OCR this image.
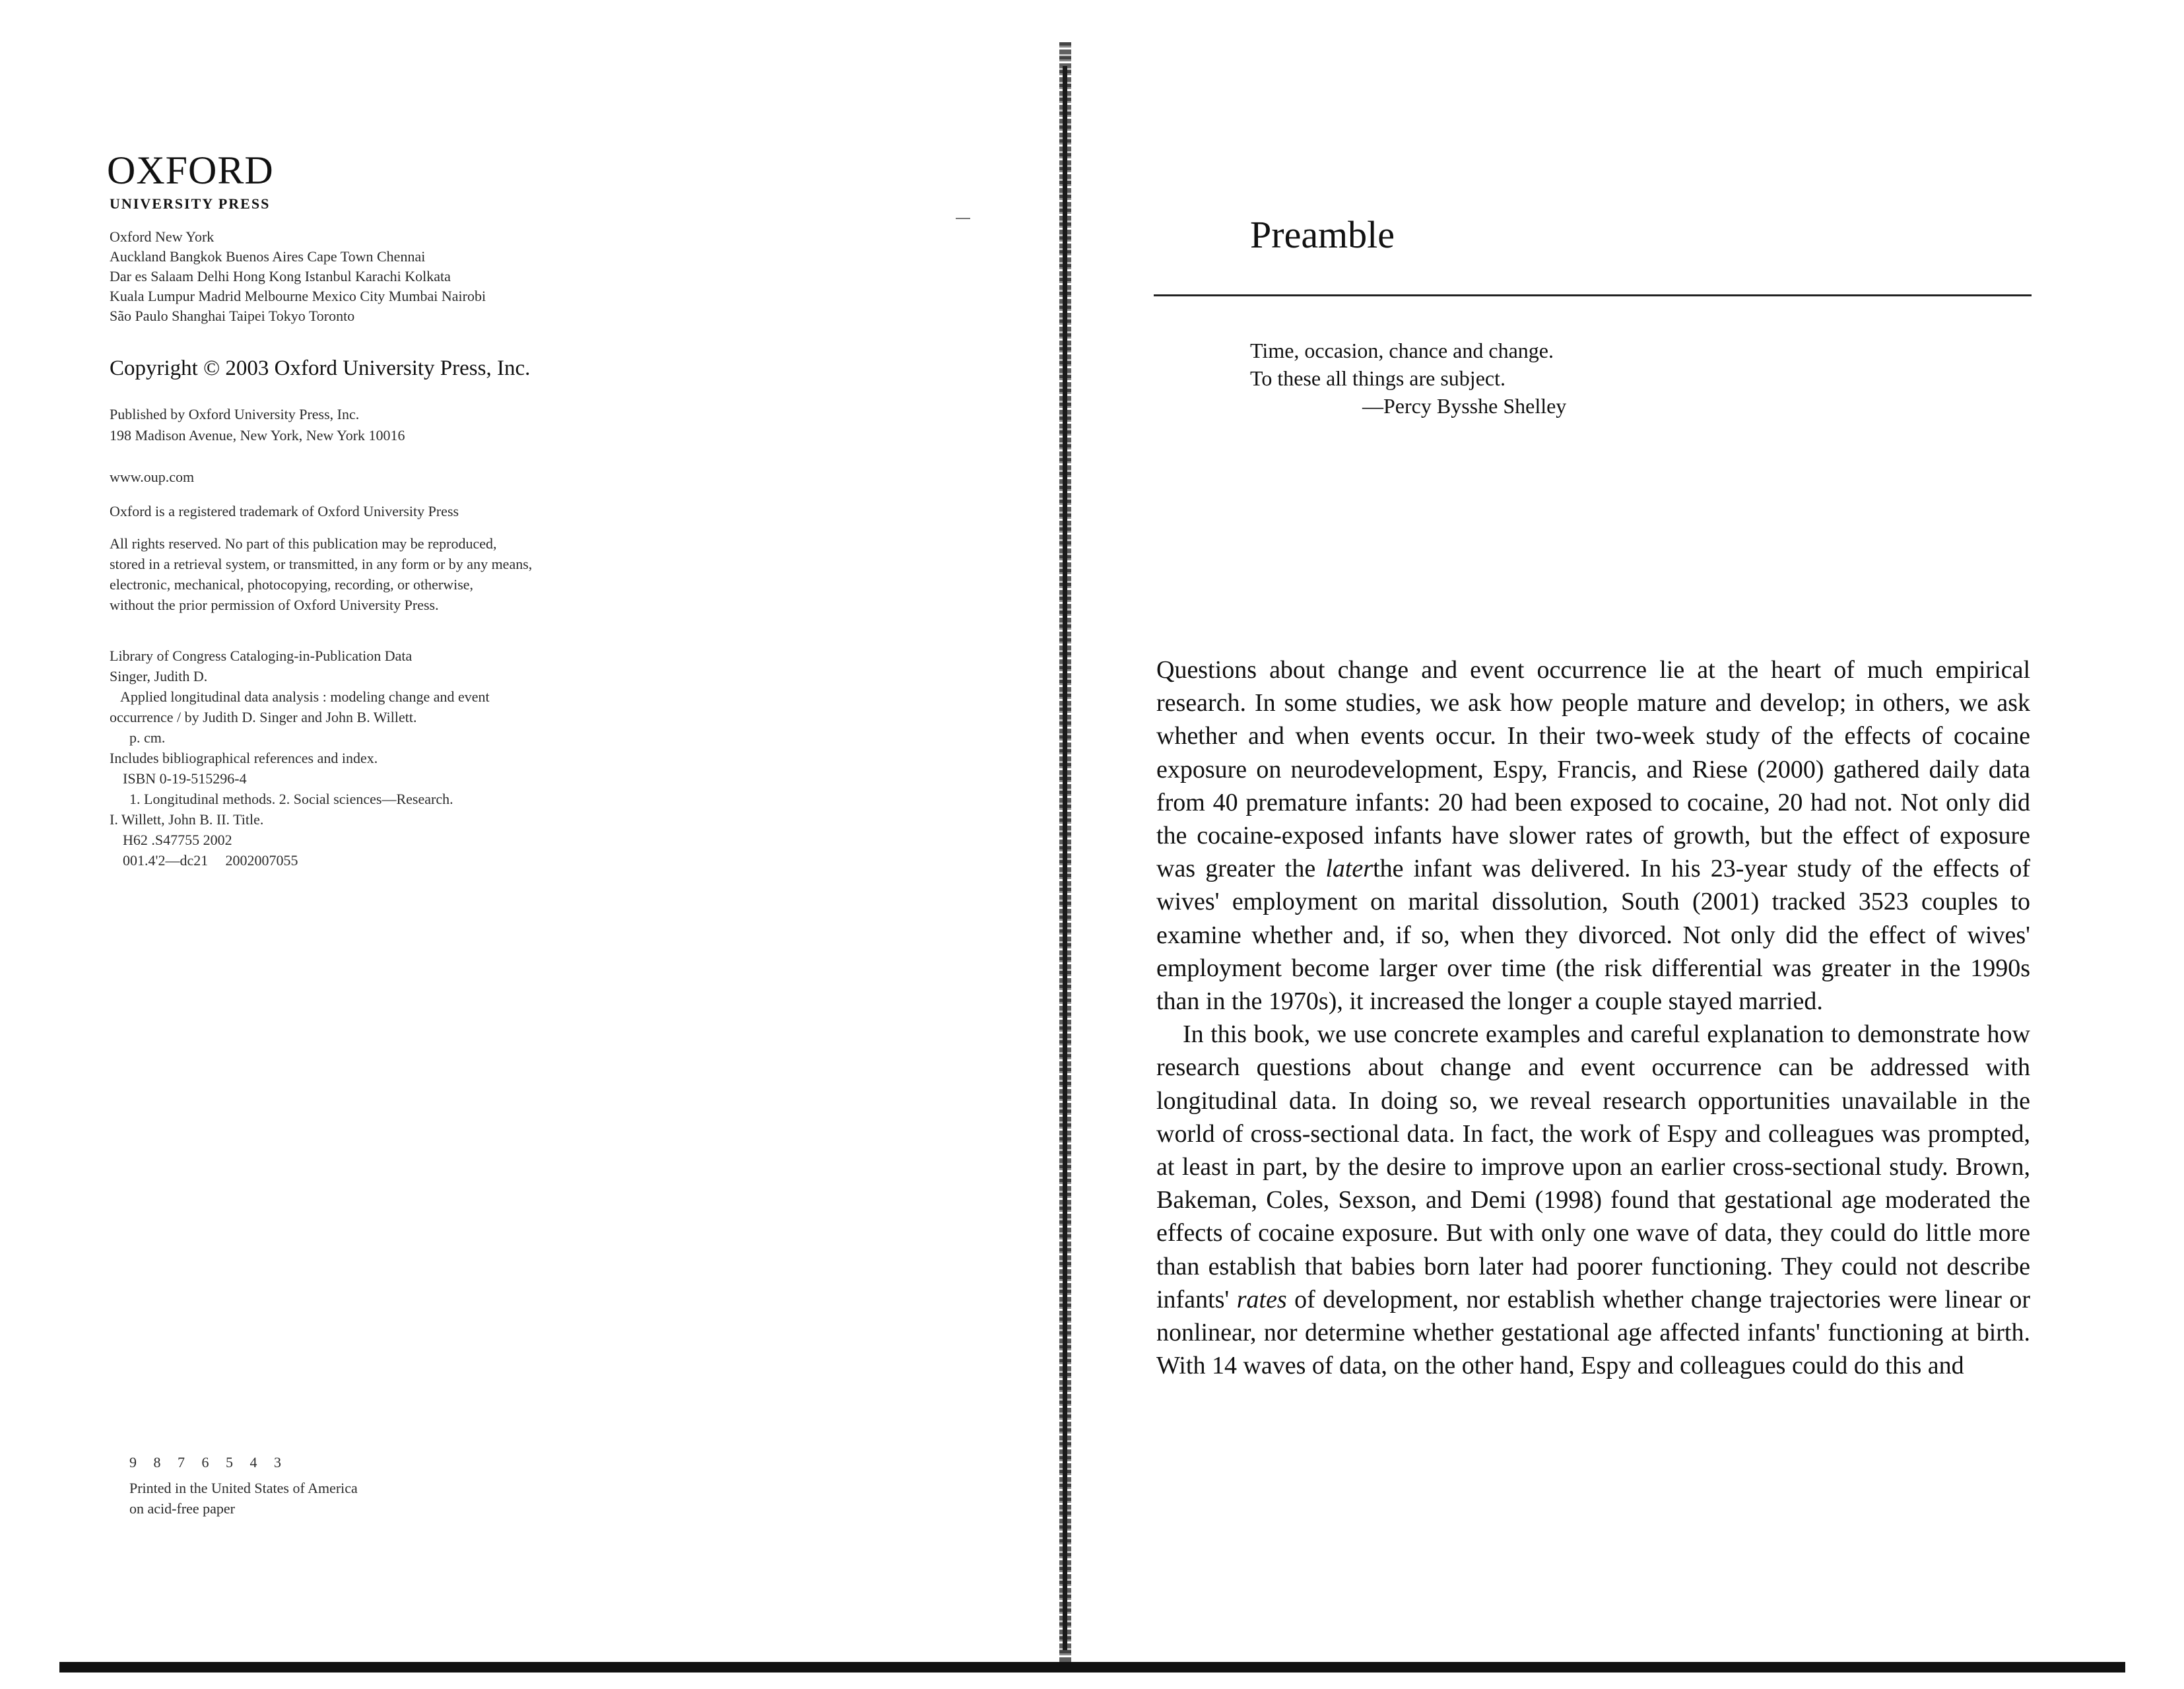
OXFORD
UNIVERSITY PRESS
Oxford New York
Auckland Bangkok Buenos Aires Cape Town Chennai
Dar es Salaam Delhi Hong Kong Istanbul Karachi Kolkata
Kuala Lumpur Madrid Melbourne Mexico City Mumbai Nairobi
São Paulo Shanghai Taipei Tokyo Toronto
Copyright © 2003 Oxford University Press, Inc.
Published by Oxford University Press, Inc.
198 Madison Avenue, New York, New York 10016
www.oup.com
Oxford is a registered trademark of Oxford University Press
All rights reserved. No part of this publication may be reproduced,
stored in a retrieval system, or transmitted, in any form or by any means,
electronic, mechanical, photocopying, recording, or otherwise,
without the prior permission of Oxford University Press.
Library of Congress Cataloging-in-Publication Data
Singer, Judith D.
Applied longitudinal data analysis : modeling change and event
occurrence / by Judith D. Singer and John B. Willett.
p. cm.
Includes bibliographical references and index.
ISBN 0-19-515296-4
1. Longitudinal methods. 2. Social sciences—Research.
I. Willett, John B. II. Title.
H62 .S47755 2002
001.4'2—dc21 2002007055
9 8 7 6 5 4 3
Printed in the United States of America
on acid-free paper
Preamble
Time, occasion, chance and change.
To these all things are subject.
—Percy Bysshe Shelley

Questions about change and event occurrence lie at the heart of much empirical research. In some studies, we ask how people mature and develop; in others, we ask whether and when events occur. In their two-week study of the effects of cocaine exposure on neurodevelopment, Espy, Francis, and Riese (2000) gathered daily data from 40 premature infants: 20 had been exposed to cocaine, 20 had not. Not only did the cocaine-exposed infants have slower rates of growth, but the effect of exposure was greater the laterthe infant was delivered. In his 23-year study of the effects of wives' employment on marital dissolution, South (2001) tracked 3523 couples to examine whether and, if so, when they divorced. Not only did the effect of wives' employment become larger over time (the risk differential was greater in the 1990s than in the 1970s), it increased the longer a couple stayed married.

In this book, we use concrete examples and careful explanation to demonstrate how research questions about change and event occurrence can be addressed with longitudinal data. In doing so, we reveal research opportunities unavailable in the world of cross-sectional data. In fact, the work of Espy and colleagues was prompted, at least in part, by the desire to improve upon an earlier cross-sectional study. Brown, Bakeman, Coles, Sexson, and Demi (1998) found that gestational age moderated the effects of cocaine exposure. But with only one wave of data, they could do little more than establish that babies born later had poorer functioning. They could not describe infants' rates of development, nor establish whether change trajectories were linear or nonlinear, nor determine whether gestational age affected infants' functioning at birth. With 14 waves of data, on the other hand, Espy and colleagues could do this and
